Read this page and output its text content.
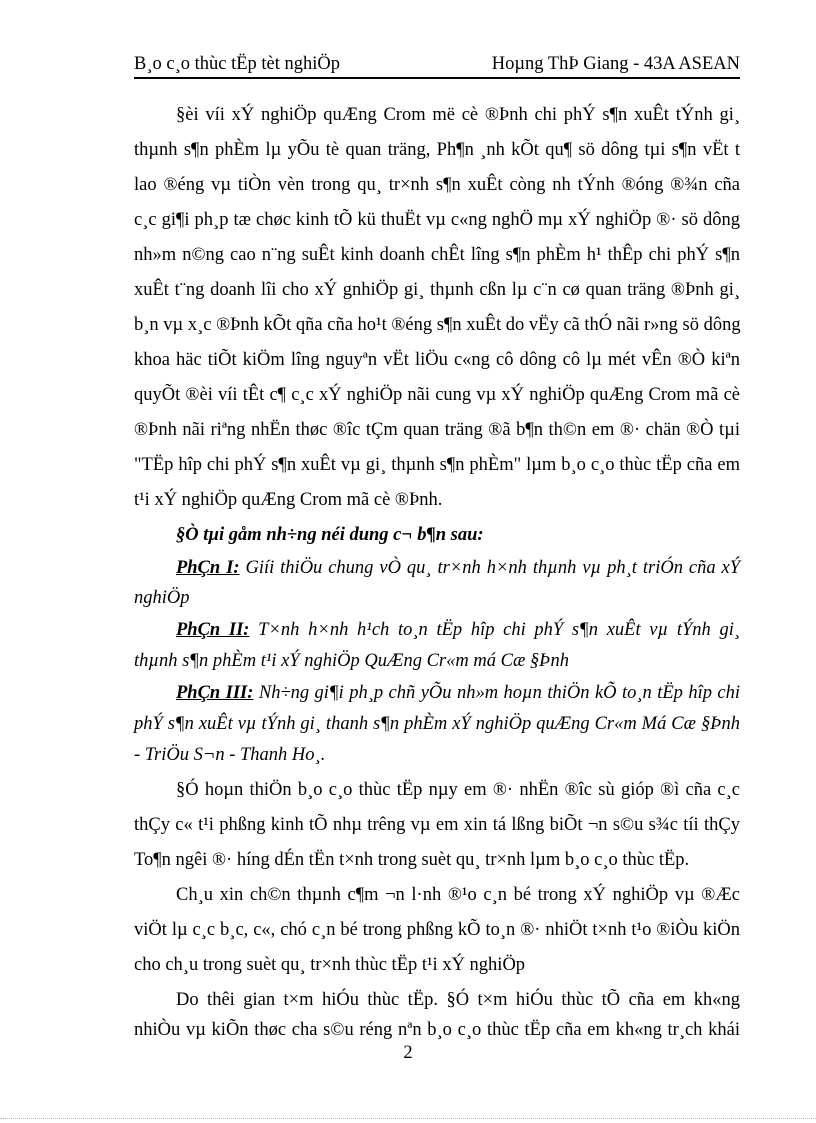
B¸o c¸o thùc tËp tèt nghiÖp	Hoµng ThÞ Giang - 43A ASEAN
§èi víi xÝ nghiÖp quÆng Crom më cè ®Þnh chi phÝ s¶n xuÊt tÝnh gi¸
thµnh s¶n phÈm lµ yÕu tè quan träng, Ph¶n ¸nh kÕt qu¶ sö dông tµi s¶n vËt t
lao ®éng vµ tiÒn vèn trong qu¸ tr×nh s¶n xuÊt còng nh tÝnh ®óng ®¾n cña
c¸c gi¶i ph¸p tæ chøc kinh tÕ kü thuËt vµ c«ng nghÖ mµ xÝ nghiÖp ®· sö dông
nh»m n©ng cao n¨ng suÊt kinh doanh chÊt lîng s¶n phÈm h¹ thÊp chi phÝ s¶n
xuÊt t¨ng doanh lîi cho xÝ gnhiÖp gi¸ thµnh cßn lµ c¨n cø quan träng ®Þnh gi¸
b¸n vµ x¸c ®Þnh kÕt qña cña ho¹t ®éng s¶n xuÊt do vËy cã thÓ nãi r»ng sö dông
khoa häc tiÕt kiÖm lîng nguyªn vËt liÖu c«ng cô dông cô lµ mét vÊn ®Ò kiªn
quyÕt ®èi víi tÊt c¶ c¸c xÝ nghiÖp nãi cung vµ xÝ nghiÖp quÆng Crom mã cè
®Þnh nãi riªng nhËn thøc ®îc tÇm quan träng ®ã b¶n th©n em ®· chän ®Ò tµi
"TËp hîp chi phÝ s¶n xuÊt vµ gi¸ thµnh s¶n phÈm" lµm b¸o c¸o thùc tËp cña em
t¹i xÝ nghiÖp quÆng Crom mã cè ®Þnh.
§Ò tµi gåm nh÷ng néi dung c¬ b¶n sau:
PhÇn I: Giíi thiÖu chung vÒ qu¸ tr×nh h×nh thµnh vµ ph¸t triÓn cña xÝ
nghiÖp
PhÇn II: T×nh h×nh h¹ch to¸n tËp hîp chi phÝ s¶n xuÊt vµ tÝnh gi¸
thµnh s¶n phÈm t¹i xÝ nghiÖp QuÆng Cr«m má Cæ §Þnh
PhÇn III: Nh÷ng gi¶i ph¸p chñ yÕu nh»m hoµn thiÖn kÕ to¸n tËp hîp chi
phÝ s¶n xuÊt vµ tÝnh gi¸ thanh s¶n phÈm xÝ nghiÖp quÆng Cr«m Má Cæ §Þnh
- TriÖu S¬n - Thanh Ho¸.
§Ó hoµn thiÖn b¸o c¸o thùc tËp nµy em ®· nhËn ®îc sù gióp ®ì cña c¸c
thÇy c« t¹i phßng kinh tÕ nhµ trêng vµ em xin tá lßng biÕt ¬n s©u s¾c tíi thÇy
To¶n ngêi ®· híng dÉn tËn t×nh trong suèt qu¸ tr×nh lµm b¸o c¸o thùc tËp.
Ch¸u xin ch©n thµnh c¶m ¬n l·nh ®¹o c¸n bé trong xÝ nghiÖp vµ ®Æc
viÖt lµ c¸c b¸c, c«, chó c¸n bé trong phßng kÕ to¸n ®· nhiÖt t×nh t¹o ®iÒu kiÖn
cho ch¸u trong suèt qu¸ tr×nh thùc tËp t¹i xÝ nghiÖp
Do thêi gian t×m hiÓu thùc tËp. §Ó t×m hiÓu thùc tÕ cña em kh«ng
nhiÒu vµ kiÕn thøc cha s©u réng nªn b¸o c¸o thùc tËp cña em kh«ng tr¸ch khái
2
